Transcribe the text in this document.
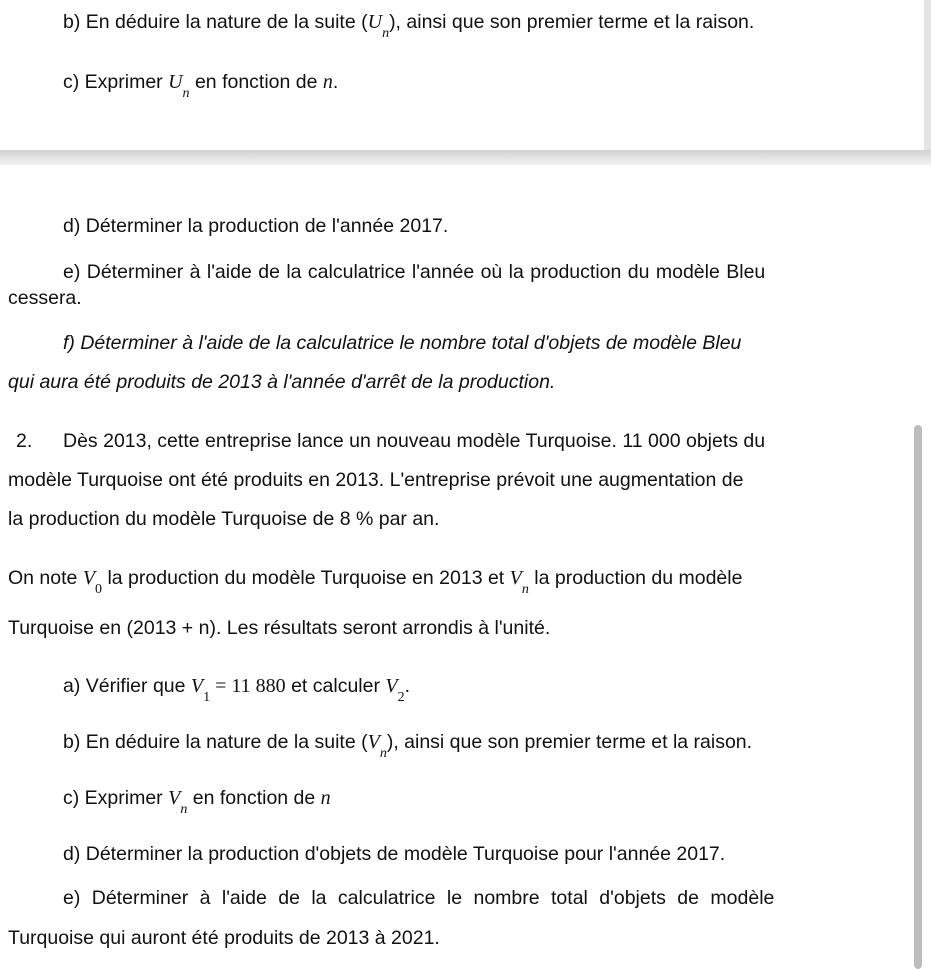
b) En déduire la nature de la suite $(U_n)$, ainsi que son premier terme et la raison.
c) Exprimer $U_n$ en fonction de n.
d) Déterminer la production de l'année 2017.
e) Déterminer à l'aide de la calculatrice l'année où la production du modèle Bleu
cessera.
f) Déterminer à l'aide de la calculatrice le nombre total d'objets de modèle Bleu
qui aura été produits de 2013 à l'année d'arrêt de la production.
2. Dès 2013, cette entreprise lance un nouveau modèle Turquoise. 11 000 objets du
modèle Turquoise ont été produits en 2013. L'entreprise prévoit une augmentation de
la production du modèle Turquoise de 8 % par an.
On note $V_0$ la production du modèle Turquoise en 2013 et $V_n$ la production du modèle
Turquoise en (2013 + n). Les résultats seront arrondis à l'unité.
a) Vérifier que $V_1 = 11$ 880 et calculer $V_2$.
b) En déduire la nature de la suite $(V_n)$, ainsi que son premier terme et la raison.
c) Exprimer $V_n$ en fonction de n
d) Déterminer la production d'objets de modèle Turquoise pour l'année 2017.
e) Déterminer à l'aide de la calculatrice le nombre total d'objets de modèle
Turquoise qui auront été produits de 2013 à 2021.
